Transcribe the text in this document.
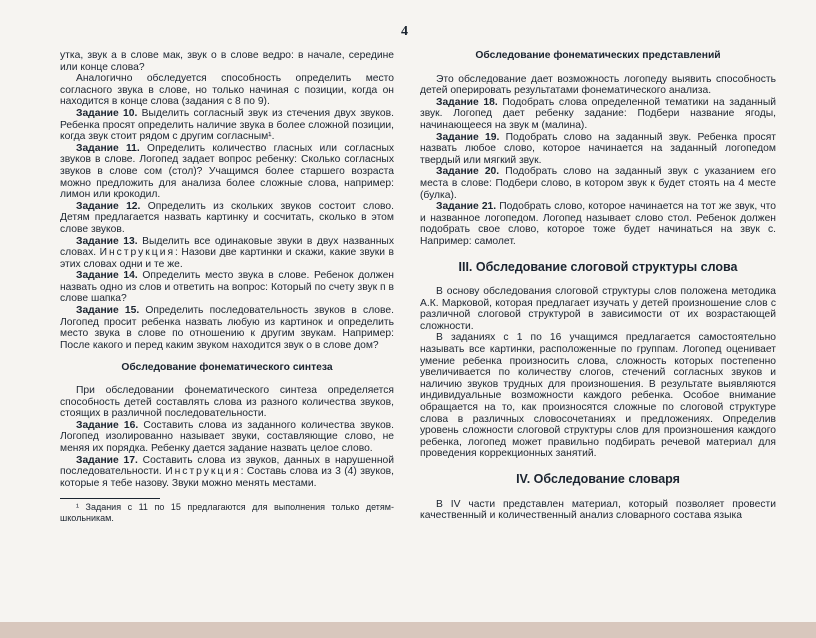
4

утка, звук а в слове мак, звук о в слове ведро: в начале, середине или конце слова?

Аналогично обследуется способность определить место согласного звука в слове, но только начиная с позиции, когда он находится в конце слова (задания с 8 по 9).

Задание 10. Выделить согласный звук из стечения двух звуков. Ребенка просят определить наличие звука в более сложной позиции, когда звук стоит рядом с другим согласным¹.

Задание 11. Определить количество гласных или согласных звуков в слове. Логопед задает вопрос ребенку: Сколько согласных звуков в слове сом (стол)? Учащимся более старшего возраста можно предложить для анализа более сложные слова, например: лимон или крокодил.

Задание 12. Определить из скольких звуков состоит слово. Детям предлагается назвать картинку и сосчитать, сколько в этом слове звуков.

Задание 13. Выделить все одинаковые звуки в двух названных словах. Инструкция: Назови две картинки и скажи, какие звуки в этих словах одни и те же.

Задание 14. Определить место звука в слове. Ребенок должен назвать одно из слов и ответить на вопрос: Который по счету звук п в слове шапка?

Задание 15. Определить последовательность звуков в слове. Логопед просит ребенка назвать любую из картинок и определить место звука в слове по отношению к другим звукам. Например: После какого и перед каким звуком находится звук о в слове дом?

Обследование фонематического синтеза

При обследовании фонематического синтеза определяется способность детей составлять слова из разного количества звуков, стоящих в различной последовательности.

Задание 16. Составить слова из заданного количества звуков. Логопед изолированно называет звуки, составляющие слово, не меняя их порядка. Ребенку дается задание назвать целое слово.

Задание 17. Составить слова из звуков, данных в нарушенной последовательности. Инструкция: Составь слова из 3 (4) звуков, которые я тебе назову. Звуки можно менять местами.

¹ Задания с 11 по 15 предлагаются для выполнения только детям-школьникам.

Обследование фонематических представлений

Это обследование дает возможность логопеду выявить способность детей оперировать результатами фонематического анализа.

Задание 18. Подобрать слова определенной тематики на заданный звук. Логопед дает ребенку задание: Подбери название ягоды, начинающееся на звук м (малина).

Задание 19. Подобрать слово на заданный звук. Ребенка просят назвать любое слово, которое начинается на заданный логопедом твердый или мягкий звук.

Задание 20. Подобрать слово на заданный звук с указанием его места в слове: Подбери слово, в котором звук к будет стоять на 4 месте (булка).

Задание 21. Подобрать слово, которое начинается на тот же звук, что и названное логопедом. Логопед называет слово стол. Ребенок должен подобрать свое слово, которое тоже будет начинаться на звук с. Например: самолет.

III. Обследование слоговой структуры слова

В основу обследования слоговой структуры слов положена методика А.К. Марковой, которая предлагает изучать у детей произношение слов с различной слоговой структурой в зависимости от их возрастающей сложности.

В заданиях с 1 по 16 учащимся предлагается самостоятельно называть все картинки, расположенные по группам. Логопед оценивает умение ребенка произносить слова, сложность которых постепенно увеличивается по количеству слогов, стечений согласных звуков и наличию звуков трудных для произношения. В результате выявляются индивидуальные возможности каждого ребенка. Особое внимание обращается на то, как произносятся сложные по слоговой структуре слова в различных словосочетаниях и предложениях. Определив уровень сложности слоговой структуры слов для произношения каждого ребенка, логопед может правильно подбирать речевой материал для проведения коррекционных занятий.

IV. Обследование словаря

В IV части представлен материал, который позволяет провести качественный и количественный анализ словарного состава языка
